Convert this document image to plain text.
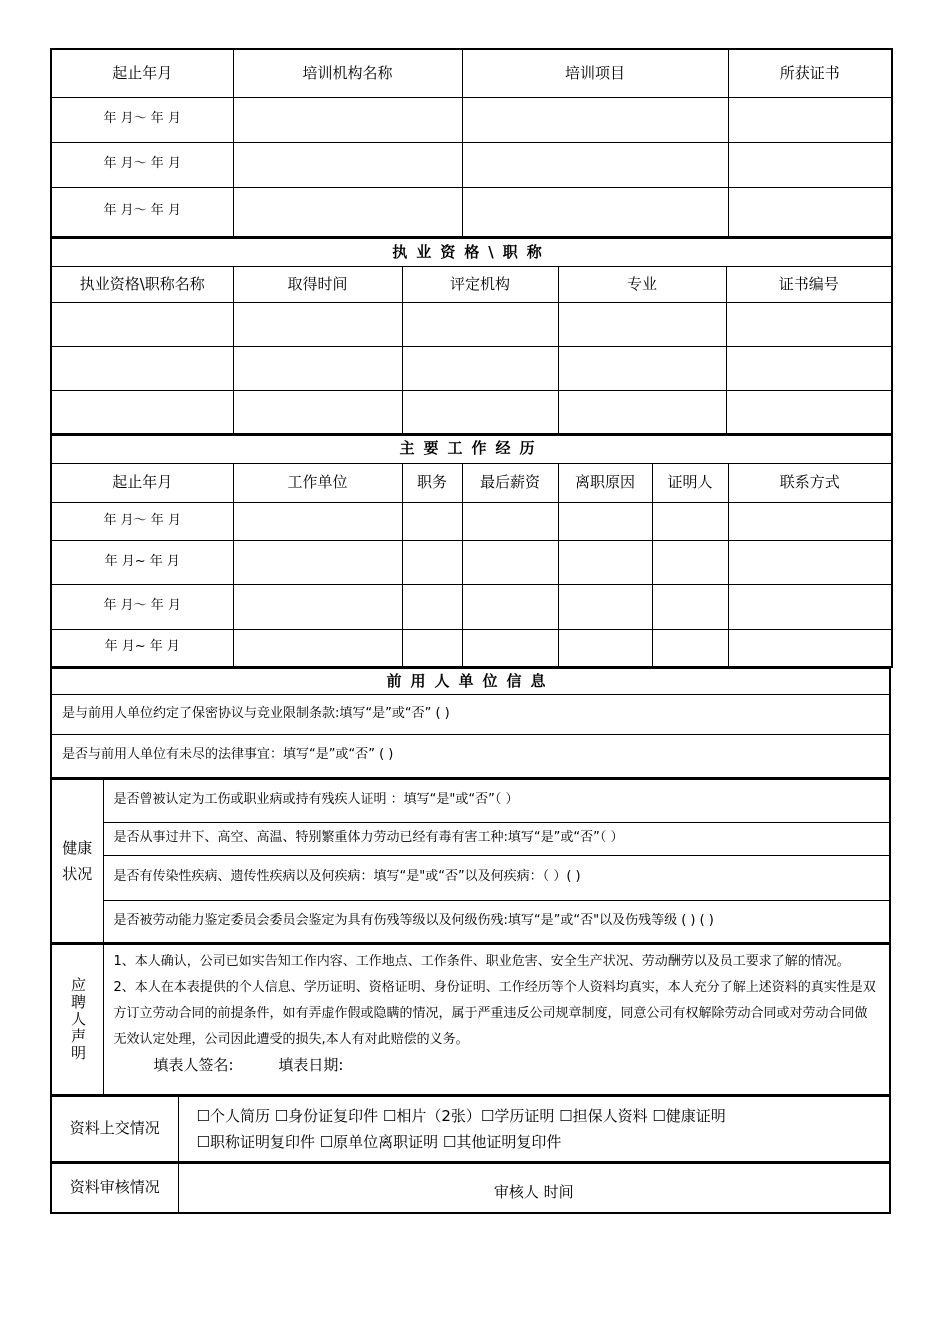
起止年月	培训机构名称	培训项目	所获证书
年 月～ 年 月			
年 月～ 年 月			
年 月～ 年 月			
执业资格\职称				
执业资格\职称名称	取得时间	评定机构	专业	证书编号

主要工作经历						
起止年月	工作单位	职务	最后薪资	离职原因	证明人	联系方式
年 月～ 年 月						
年 月~ 年 月						
年 月～ 年 月						
年 月~ 年 月						
前用人单位信息
是与前用人单位约定了保密协议与竞业限制条款:填写“是”或“否” ( )
是否与前用人单位有未尽的法律事宜：填写“是”或“否” ( )
健康状况
	是否曾被认定为工伤或职业病或持有残疾人证明 ：填写“是"或“否”（ ）
是否从事过井下、高空、高温、特别繁重体力劳动已经有毒有害工种:填写“是”或“否”（ ）
是否有传染性疾病、遗传性疾病以及何疾病：填写“是"或“否”以及何疾病：（ ）( )
是否被劳动能力鉴定委员会委员会鉴定为具有伤残等级以及何级伤残:填写“是”或“否"以及伤残等级 ( ) ( )
应聘人声明

1、本人确认，公司已如实告知工作内容、工作地点、工作条件、职业危害、安全生产状况、劳动酬劳以及员工要求了解的情况。
2、本人在本表提供的个人信息、学历证明、资格证明、身份证明、工作经历等个人资料均真实，本人充分了解上述资料的真实性是双方订立劳动合同的前提条件，如有弄虚作假或隐瞒的情况，属于严重违反公司规章制度，同意公司有权解除劳动合同或对劳动合同做无效认定处理，公司因此遭受的损失,本人有对此赔偿的义务。
填表人签名:	填表日期:
资料上交情况	
☐个人简历 ☐身份证复印件 ☐相片（2张）☐学历证明 ☐担保人资料 ☐健康证明
☐职称证明复印件 ☐原单位离职证明 ☐其他证明复印件
资料审核情况	审核人 时间
